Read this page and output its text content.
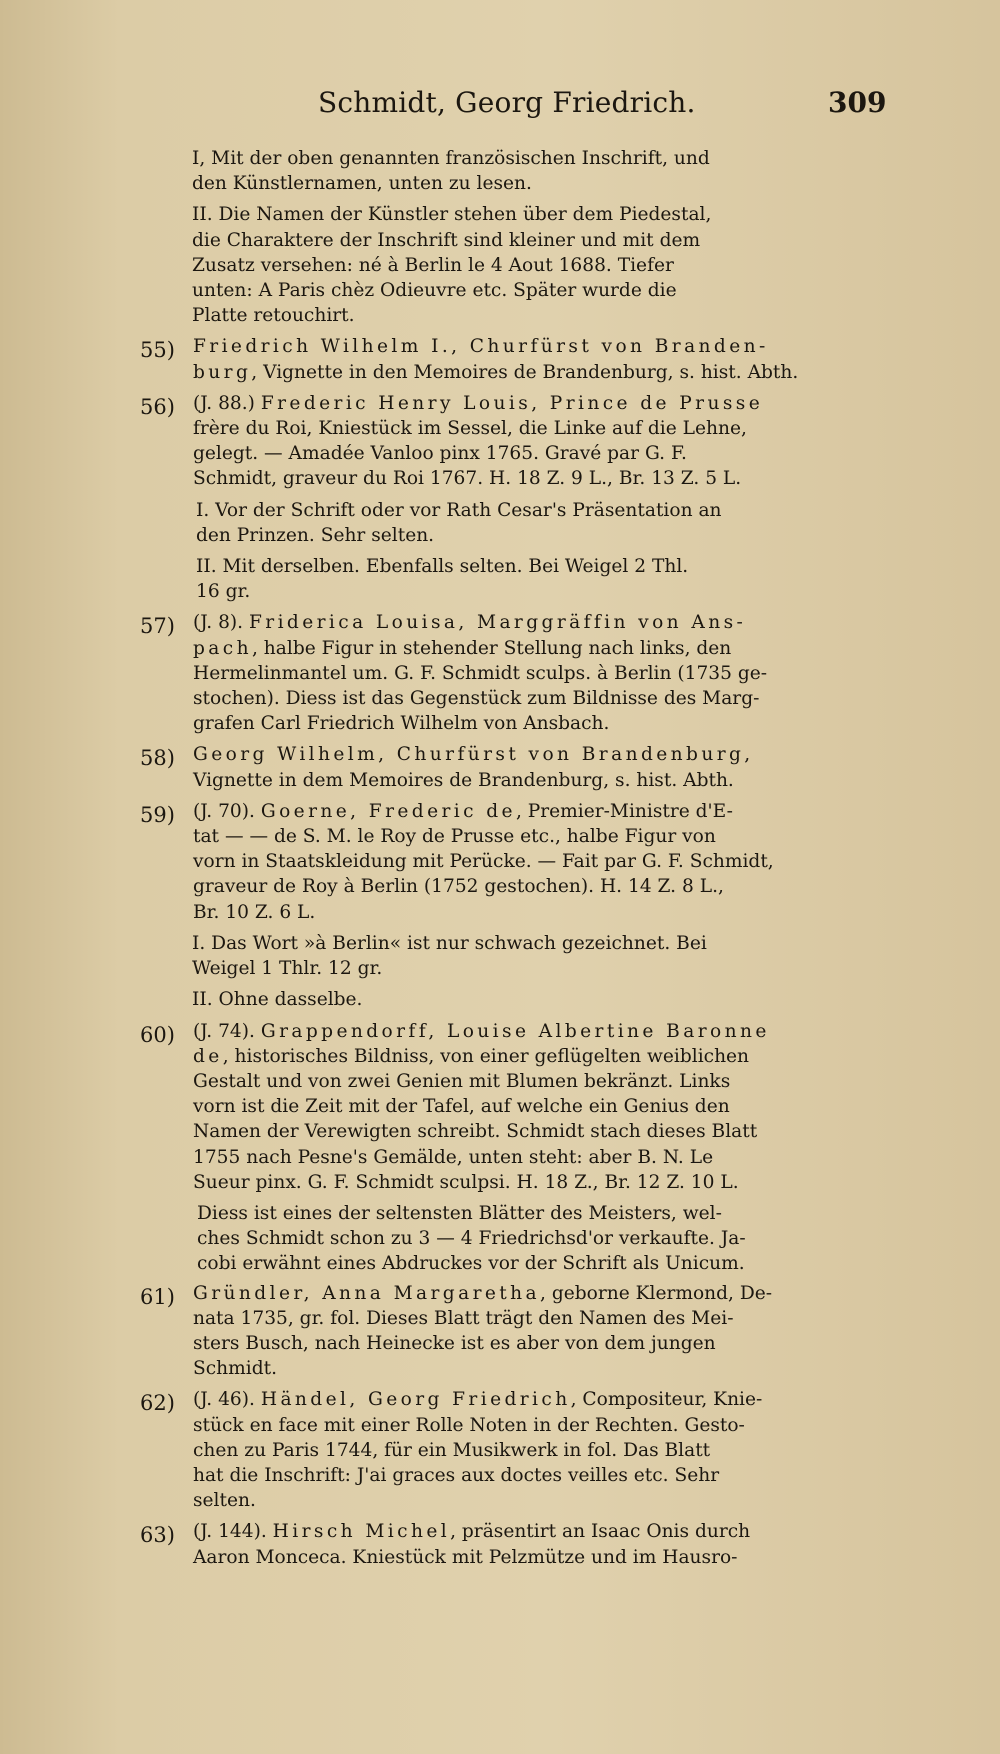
Schmidt, Georg Friedrich.	309
I, Mit der oben genannten französischen Inschrift, und
den Künstlernamen, unten zu lesen.
II. Die Namen der Künstler stehen über dem Piedestal,
die Charaktere der Inschrift sind kleiner und mit dem
Zusatz versehen: né à Berlin le 4 Aout 1688. Tiefer
unten: A Paris chèz Odieuvre etc. Später wurde die
Platte retouchirt.
55) Friedrich Wilhelm I., Churfürst von Branden-
burg, Vignette in den Memoires de Brandenburg, s. hist. Abth.
56) (J. 88.) Frederic Henry Louis, Prince de Prusse
frère du Roi, Kniestück im Sessel, die Linke auf die Lehne,
gelegt. — Amadée Vanloo pinx 1765. Gravé par G. F.
Schmidt, graveur du Roi 1767. H. 18 Z. 9 L., Br. 13 Z. 5 L.
I. Vor der Schrift oder vor Rath Cesar's Präsentation an
den Prinzen. Sehr selten.
II. Mit derselben. Ebenfalls selten. Bei Weigel 2 Thl.
16 gr.
57) (J. 8). Friderica Louisa, Marggräffin von Ans-
pach, halbe Figur in stehender Stellung nach links, den
Hermelinmantel um. G. F. Schmidt sculps. à Berlin (1735 ge-
stochen). Diess ist das Gegenstück zum Bildnisse des Marg-
grafen Carl Friedrich Wilhelm von Ansbach.
58) Georg Wilhelm, Churfürst von Brandenburg,
Vignette in dem Memoires de Brandenburg, s. hist. Abth.
59) (J. 70). Goerne, Frederic de, Premier-Ministre d'E-
tat — — de S. M. le Roy de Prusse etc., halbe Figur von
vorn in Staatskleidung mit Perücke. — Fait par G. F. Schmidt,
graveur de Roy à Berlin (1752 gestochen). H. 14 Z. 8 L.,
Br. 10 Z. 6 L.
I. Das Wort »à Berlin« ist nur schwach gezeichnet. Bei
Weigel 1 Thlr. 12 gr.
II. Ohne dasselbe.
60) (J. 74). Grappendorff, Louise Albertine Baronne
de, historisches Bildniss, von einer geflügelten weiblichen
Gestalt und von zwei Genien mit Blumen bekränzt. Links
vorn ist die Zeit mit der Tafel, auf welche ein Genius den
Namen der Verewigten schreibt. Schmidt stach dieses Blatt
1755 nach Pesne's Gemälde, unten steht: aber B. N. Le
Sueur pinx. G. F. Schmidt sculpsi. H. 18 Z., Br. 12 Z. 10 L.
Diess ist eines der seltensten Blätter des Meisters, wel-
ches Schmidt schon zu 3 — 4 Friedrichsd'or verkaufte. Ja-
cobi erwähnt eines Abdruckes vor der Schrift als Unicum.
61) Gründler, Anna Margaretha, geborne Klermond, De-
nata 1735, gr. fol. Dieses Blatt trägt den Namen des Mei-
sters Busch, nach Heinecke ist es aber von dem jungen
Schmidt.
62) (J. 46). Händel, Georg Friedrich, Compositeur, Knie-
stück en face mit einer Rolle Noten in der Rechten. Gesto-
chen zu Paris 1744, für ein Musikwerk in fol. Das Blatt
hat die Inschrift: J'ai graces aux doctes veilles etc. Sehr
selten.
63) (J. 144). Hirsch Michel, präsentirt an Isaac Onis durch
Aaron Monceca. Kniestück mit Pelzmütze und im Hausro-
